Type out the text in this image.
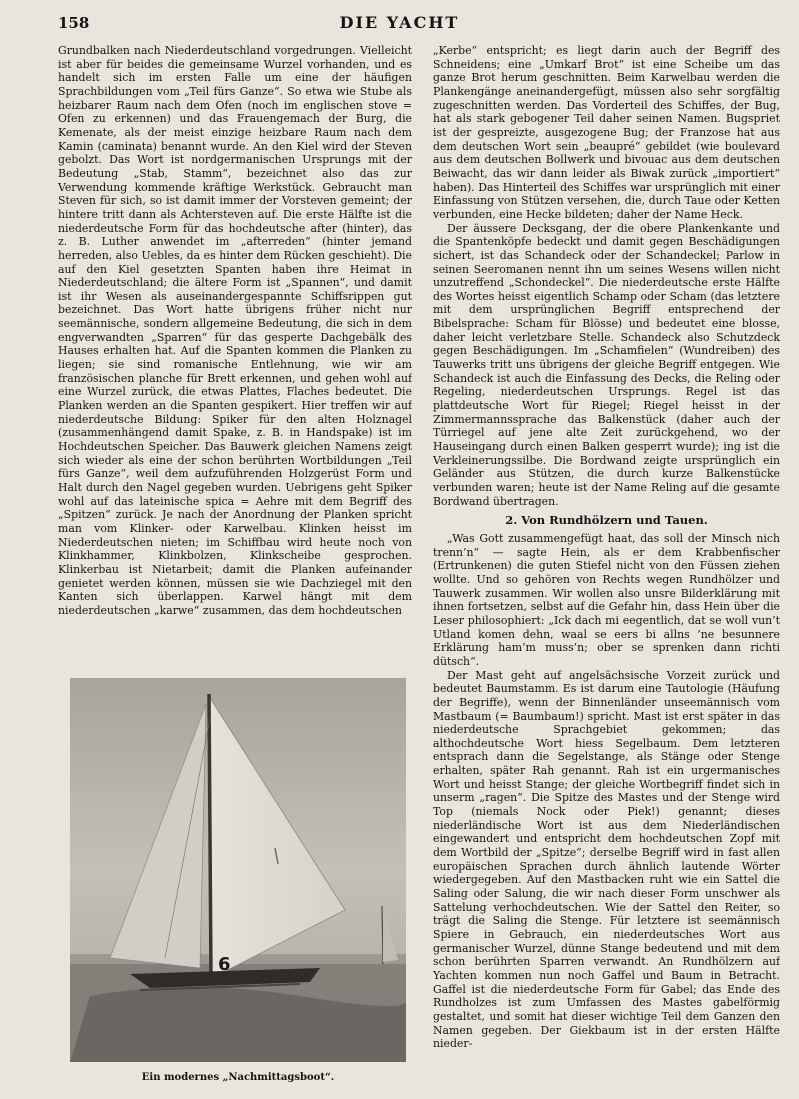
158	DIE YACHT

Grundbalken nach Niederdeutschland vorgedrungen. Vielleicht ist aber für beides die gemeinsame Wurzel vorhanden, und es handelt sich im ersten Falle um eine der häufigen Sprachbildungen vom „Teil fürs Ganze“. So etwa wie Stube als heizbarer Raum nach dem Ofen (noch im englischen stove = Ofen zu erkennen) und das Frauengemach der Burg, die Kemenate, als der meist einzige heizbare Raum nach dem Kamin (caminata) benannt wurde. An den Kiel wird der Steven gebolzt. Das Wort ist nordgermanischen Ursprungs mit der Bedeutung „Stab, Stamm“, bezeichnet also das zur Verwendung kommende kräftige Werkstück. Gebraucht man Steven für sich, so ist damit immer der Vorsteven gemeint; der hintere tritt dann als Achtersteven auf. Die erste Hälfte ist die niederdeutsche Form für das hochdeutsche after (hinter), das z. B. Luther anwendet im „afterreden“ (hinter jemand herreden, also Uebles, da es hinter dem Rücken geschieht). Die auf den Kiel gesetzten Spanten haben ihre Heimat in Niederdeutschland; die ältere Form ist „Spannen“, und damit ist ihr Wesen als auseinandergespannte Schiffsrippen gut bezeichnet. Das Wort hatte übrigens früher nicht nur seemännische, sondern allgemeine Bedeutung, die sich in dem engverwandten „Sparren“ für das gesperte Dachgebälk des Hauses erhalten hat. Auf die Spanten kommen die Planken zu liegen; sie sind romanische Entlehnung, wie wir am französischen planche für Brett erkennen, und gehen wohl auf eine Wurzel zurück, die etwas Plattes, Flaches bedeutet. Die Planken werden an die Spanten gespikert. Hier treffen wir auf niederdeutsche Bildung: Spiker für den alten Holznagel (zusammenhängend damit Spake, z. B. in Handspake) ist im Hochdeutschen Speicher. Das Bauwerk gleichen Namens zeigt sich wieder als eine der schon berührten Wortbildungen „Teil fürs Ganze“, weil dem aufzuführenden Holzgerüst Form und Halt durch den Nagel gegeben wurden. Uebrigens geht Spiker wohl auf das lateinische spica = Aehre mit dem Begriff des „Spitzen“ zurück. Je nach der Anordnung der Planken spricht man vom Klinker- oder Karwelbau. Klinken heisst im Niederdeutschen nieten; im Schiffbau wird heute noch von Klinkhammer, Klinkbolzen, Klinkscheibe gesprochen. Klinkerbau ist Nietarbeit; damit die Planken aufeinander genietet werden können, müssen sie wie Dachziegel mit den Kanten sich überlappen. Karwel hängt mit dem niederdeutschen „karwe“ zusammen, das dem hochdeutschen

6
Ein modernes „Nachmittagsboot“.

„Kerbe“ entspricht; es liegt darin auch der Begriff des Schneidens; eine „Umkarf Brot“ ist eine Scheibe um das ganze Brot herum geschnitten. Beim Karwelbau werden die Plankengänge aneinandergefügt, müssen also sehr sorgfältig zugeschnitten werden. Das Vorderteil des Schiffes, der Bug, hat als stark gebogener Teil daher seinen Namen. Bugspriet ist der gespreizte, ausgezogene Bug; der Franzose hat aus dem deutschen Wort sein „beaupré“ gebildet (wie boulevard aus dem deutschen Bollwerk und bivouac aus dem deutschen Beiwacht, das wir dann leider als Biwak zurück „importiert“ haben). Das Hinterteil des Schiffes war ursprünglich mit einer Einfassung von Stützen versehen, die, durch Taue oder Ketten verbunden, eine Hecke bildeten; daher der Name Heck.

Der äussere Decksgang, der die obere Plankenkante und die Spantenköpfe bedeckt und damit gegen Beschädigungen sichert, ist das Schandeck oder der Schandeckel; Parlow in seinen Seeromanen nennt ihn um seines Wesens willen nicht unzutreffend „Schondeckel“. Die niederdeutsche erste Hälfte des Wortes heisst eigentlich Schamp oder Scham (das letztere mit dem ursprünglichen Begriff entsprechend der Bibelsprache: Scham für Blösse) und bedeutet eine blosse, daher leicht verletzbare Stelle. Schandeck also Schutzdeck gegen Beschädigungen. Im „Schamfielen“ (Wundreiben) des Tauwerks tritt uns übrigens der gleiche Begriff entgegen. Wie Schandeck ist auch die Einfassung des Decks, die Reling oder Regeling, niederdeutschen Ursprungs. Regel ist das plattdeutsche Wort für Riegel; Riegel heisst in der Zimmermannssprache das Balkenstück (daher auch der Türriegel auf jene alte Zeit zurückgehend, wo der Hauseingang durch einen Balken gesperrt wurde); ing ist die Verkleinerungssilbe. Die Bordwand zeigte ursprünglich ein Geländer aus Stützen, die durch kurze Balkenstücke verbunden waren; heute ist der Name Reling auf die gesamte Bordwand übertragen.

2. Von Rundhölzern und Tauen.

„Was Gott zusammengefügt haat, das soll der Minsch nich trenn’n“ — sagte Hein, als er dem Krabbenfischer (Ertrunkenen) die guten Stiefel nicht von den Füssen ziehen wollte. Und so gehören von Rechts wegen Rundhölzer und Tauwerk zusammen. Wir wollen also unsre Bilderklärung mit ihnen fortsetzen, selbst auf die Gefahr hin, dass Hein über die Leser philosophiert: „Ick dach mi eegentlich, dat se woll vun’t Utland komen dehn, waal se eers bi allns ’ne besunnere Erklärung ham’m muss’n; ober se sprenken dann richti dütsch“.

Der Mast geht auf angelsächsische Vorzeit zurück und bedeutet Baumstamm. Es ist darum eine Tautologie (Häufung der Begriffe), wenn der Binnenländer unseemännisch vom Mastbaum (= Baumbaum!) spricht. Mast ist erst später in das niederdeutsche Sprachgebiet gekommen; das althochdeutsche Wort hiess Segelbaum. Dem letzteren entsprach dann die Segelstange, als Stänge oder Stenge erhalten, später Rah genannt. Rah ist ein urgermanisches Wort und heisst Stange; der gleiche Wortbegriff findet sich in unserm „ragen“. Die Spitze des Mastes und der Stenge wird Top (niemals Nock oder Piek!) genannt; dieses niederländische Wort ist aus dem Niederländischen eingewandert und entspricht dem hochdeutschen Zopf mit dem Wortbild der „Spitze“; derselbe Begriff wird in fast allen europäischen Sprachen durch ähnlich lautende Wörter wiedergegeben. Auf den Mastbacken ruht wie ein Sattel die Saling oder Salung, die wir nach dieser Form unschwer als Sattelung verhochdeutschen. Wie der Sattel den Reiter, so trägt die Saling die Stenge. Für letztere ist seemännisch Spiere in Gebrauch, ein niederdeutsches Wort aus germanischer Wurzel, dünne Stange bedeutend und mit dem schon berührten Sparren verwandt. An Rundhölzern auf Yachten kommen nun noch Gaffel und Baum in Betracht. Gaffel ist die niederdeutsche Form für Gabel; das Ende des Rundholzes ist zum Umfassen des Mastes gabelförmig gestaltet, und somit hat dieser wichtige Teil dem Ganzen den Namen gegeben. Der Giekbaum ist in der ersten Hälfte nieder-
